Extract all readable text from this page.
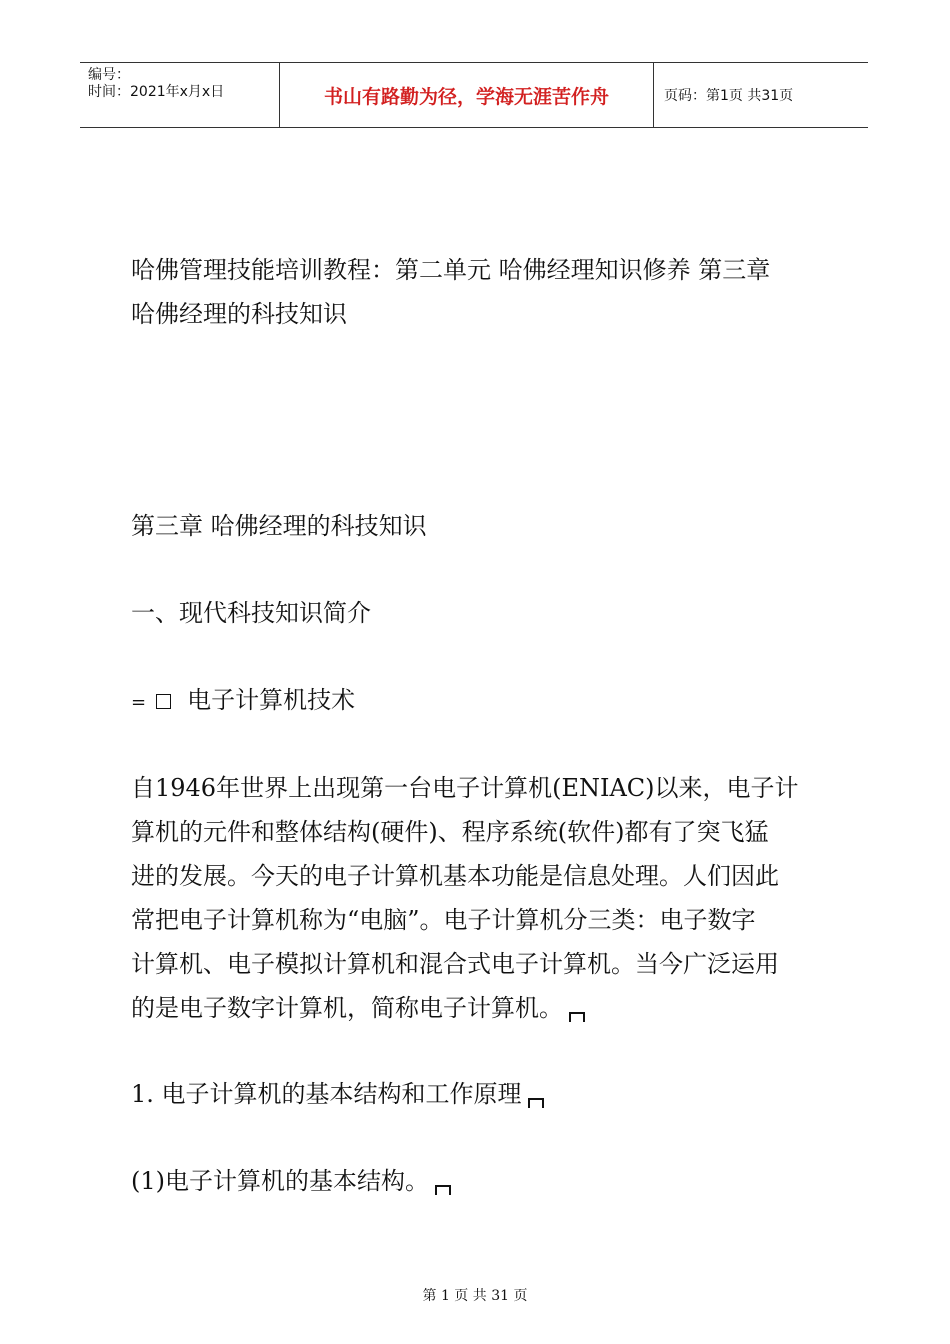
编号：
时间：2021年x月x日	书山有路勤为径，学海无涯苦作舟	页码：第1页 共31页
哈佛管理技能培训教程：第二单元 哈佛经理知识修养 第三章
哈佛经理的科技知识
第三章 哈佛经理的科技知识
一、现代科技知识简介
= 电子计算机技术
自1946年世界上出现第一台电子计算机(ENIAC)以来，电子计
算机的元件和整体结构(硬件)、程序系统(软件)都有了突飞猛
进的发展。今天的电子计算机基本功能是信息处理。人们因此
常把电子计算机称为“电脑”。电子计算机分三类：电子数字
计算机、电子模拟计算机和混合式电子计算机。当今广泛运用
的是电子数字计算机，简称电子计算机。
1. 电子计算机的基本结构和工作原理
(1)电子计算机的基本结构。
第 1 页 共 31 页
